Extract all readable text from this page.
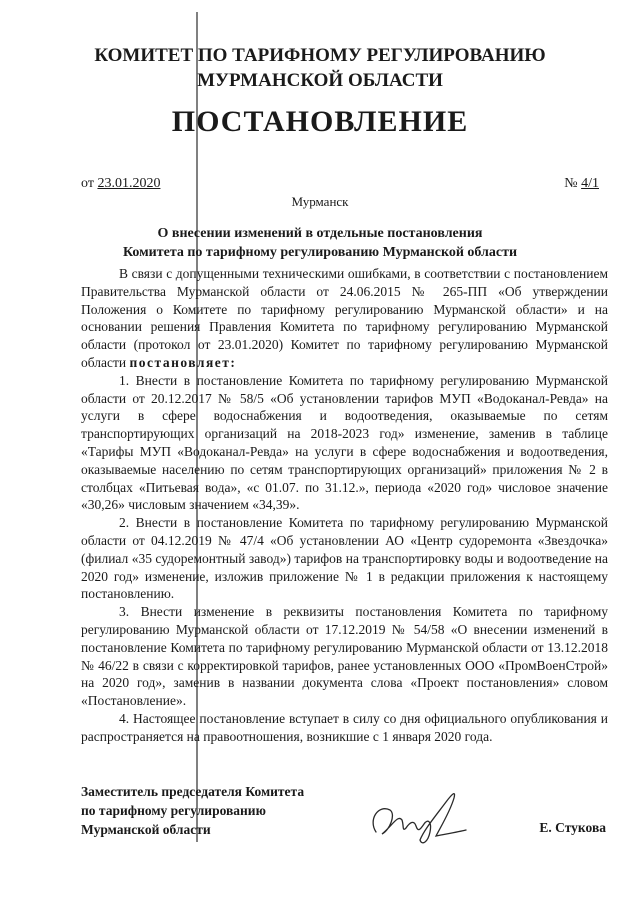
КОМИТЕТ ПО ТАРИФНОМУ РЕГУЛИРОВАНИЮ
МУРМАНСКОЙ ОБЛАСТИ
ПОСТАНОВЛЕНИЕ
от 23.01.2020	№ 4/1
Мурманск
О внесении изменений в отдельные постановления
Комитета по тарифному регулированию Мурманской области

В связи с допущенными техническими ошибками, в соответствии с постановлением Правительства Мурманской области от 24.06.2015 № 265-ПП «Об утверждении Положения о Комитете по тарифному регулированию Мурманской области» и на основании решения Правления Комитета по тарифному регулированию Мурманской области (протокол от 23.01.2020) Комитет по тарифному регулированию Мурманской области постановляет:

1. Внести в постановление Комитета по тарифному регулированию Мурманской области от 20.12.2017 № 58/5 «Об установлении тарифов МУП «Водоканал-Ревда» на услуги в сфере водоснабжения и водоотведения, оказываемые по сетям транспортирующих организаций на 2018-2023 год» изменение, заменив в таблице «Тарифы МУП «Водоканал-Ревда» на услуги в сфере водоснабжения и водоотведения, оказываемые населению по сетям транспортирующих организаций» приложения № 2 в столбцах «Питьевая вода», «с 01.07. по 31.12.», периода «2020 год» числовое значение «30,26» числовым значением «34,39».

2. Внести в постановление Комитета по тарифному регулированию Мурманской области от 04.12.2019 № 47/4 «Об установлении АО «Центр судоремонта «Звездочка» (филиал «35 судоремонтный завод») тарифов на транспортировку воды и водоотведение на 2020 год» изменение, изложив приложение № 1 в редакции приложения к настоящему постановлению.

3. Внести изменение в реквизиты постановления Комитета по тарифному регулированию Мурманской области от 17.12.2019 № 54/58 «О внесении изменений в постановление Комитета по тарифному регулированию Мурманской области от 13.12.2018 № 46/22 в связи с корректировкой тарифов, ранее установленных ООО «ПромВоенСтрой» на 2020 год», заменив в названии документа слова «Проект постановления» словом «Постановление».

4. Настоящее постановление вступает в силу со дня официального опубликования и распространяется на правоотношения, возникшие с 1 января 2020 года.

Заместитель председателя Комитета
по тарифному регулированию
Мурманской области	Е. Стукова
